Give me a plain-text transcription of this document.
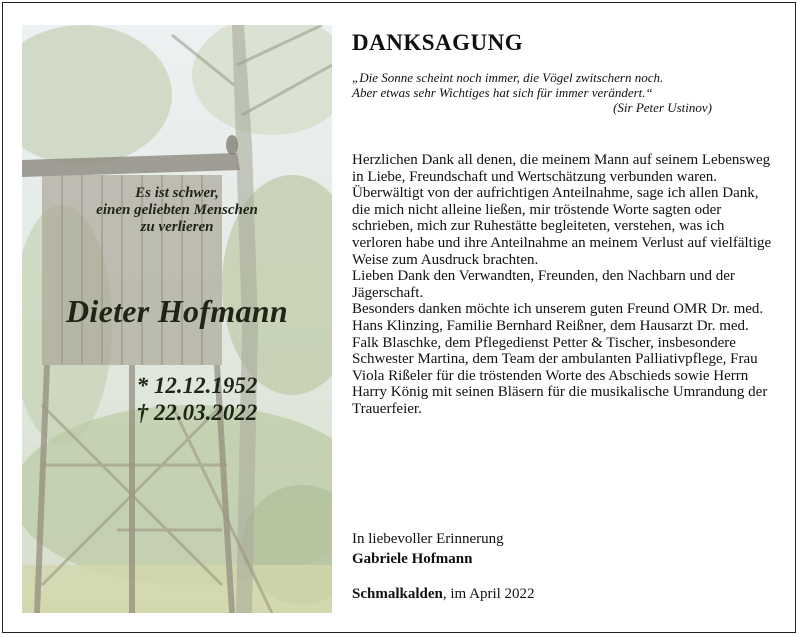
Es ist schwer,
einen geliebten Menschen
zu verlieren
Dieter Hofmann
* 12.12.1952
† 22.03.2022
DANKSAGUNG
„Die Sonne scheint noch immer, die Vögel zwitschern noch.
Aber etwas sehr Wichtiges hat sich für immer verändert.“
(Sir Peter Ustinov)

Herzlichen Dank all denen, die meinem Mann auf seinem Lebensweg in Liebe, Freundschaft und Wertschätzung verbunden waren.

Überwältigt von der aufrichtigen Anteilnahme, sage ich allen Dank, die mich nicht alleine ließen, mir tröstende Worte sagten oder schrieben, mich zur Ruhestätte begleiteten, verstehen, was ich verloren habe und ihre Anteilnahme an meinem Verlust auf vielfältige Weise zum Ausdruck brachten.

Lieben Dank den Verwandten, Freunden, den Nachbarn und der Jägerschaft.

Besonders danken möchte ich unserem guten Freund OMR Dr. med. Hans Klinzing, Familie Bernhard Reißner, dem Hausarzt Dr. med. Falk Blaschke, dem Pflegedienst Petter & Tischer, insbesondere Schwester Martina, dem Team der ambulanten Palliativpflege, Frau Viola Rißeler für die tröstenden Worte des Abschieds sowie Herrn Harry König mit seinen Bläsern für die musikalische Umrandung der Trauerfeier.

In liebevoller Erinnerung
Gabriele Hofmann
Schmalkalden, im April 2022
